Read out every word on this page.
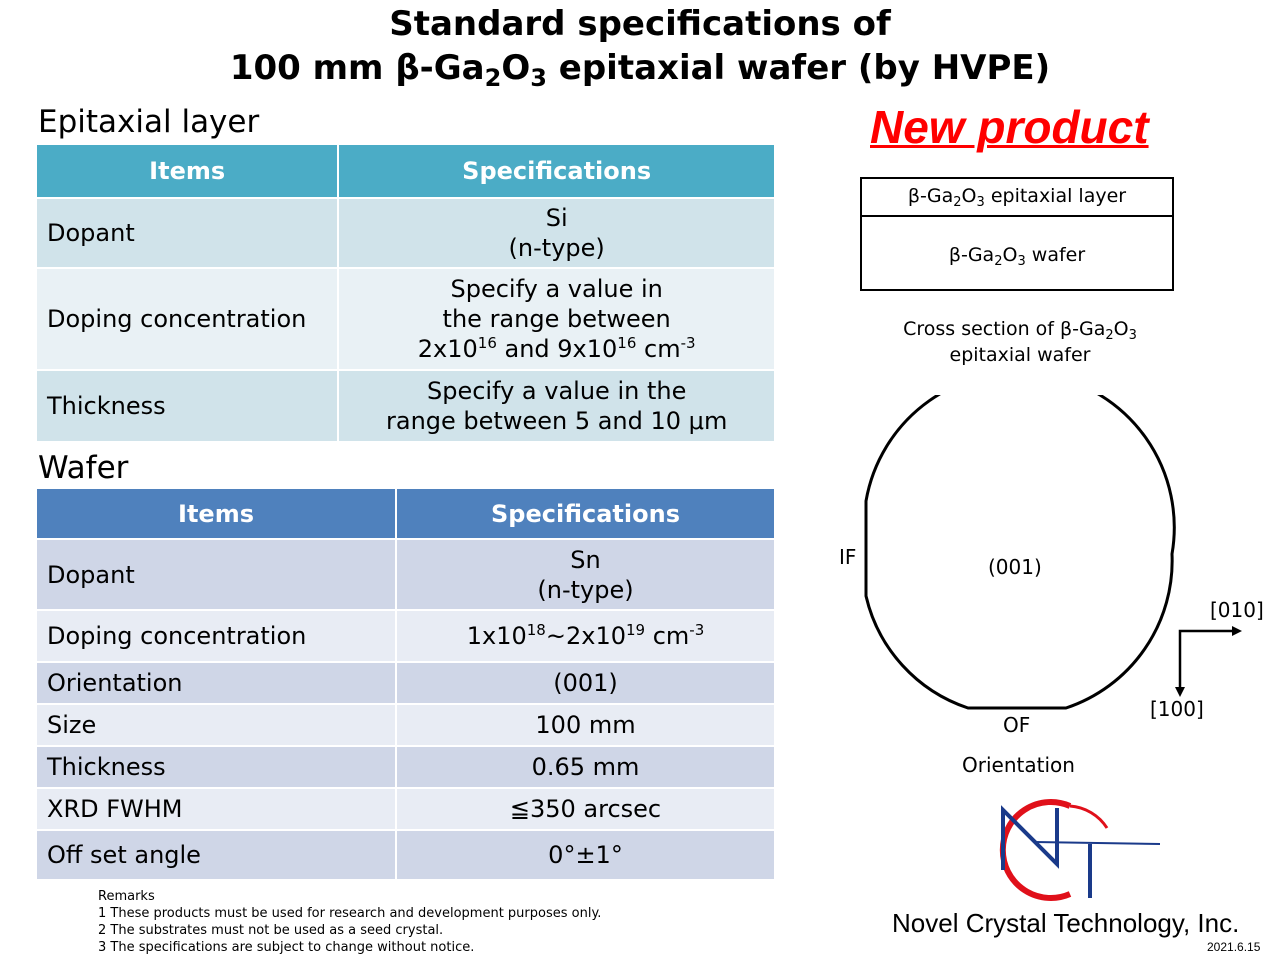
Standard specifications of
100 mm $\beta-Ga_2O_3$ epitaxial wafer (by HVPE)
Epitaxial layer
Items	Specifications
Dopant	Si
(n-type)
Doping concentration	Specify a value in
the range between
$2x10^{16}$ and $9x10^{16}$ $cm^{-3}$
Thickness	Specify a value in the
range between 5 and 10 μm
Wafer
Items	Specifications
Dopant	Sn
(n-type)
Doping concentration	$1x10^{18}\sim 2x10^{19}$ $cm^{-3}$
Orientation	(001)
Size	100 mm
Thickness	0.65 mm
XRD FWHM	≦350 arcsec
Off set angle	0°±1°
New product
$\beta-Ga_2O_3$ epitaxial layer
$\beta-Ga_2O_3$ wafer
Cross section of $\beta-Ga_2O_3$
epitaxial wafer
(001)
IF
OF
[010]
[100]
Orientation
Novel Crystal Technology, Inc.
2021.6.15
Remarks
1 These products must be used for research and development purposes only.
2 The substrates must not be used as a seed crystal.
3 The specifications are subject to change without notice.
